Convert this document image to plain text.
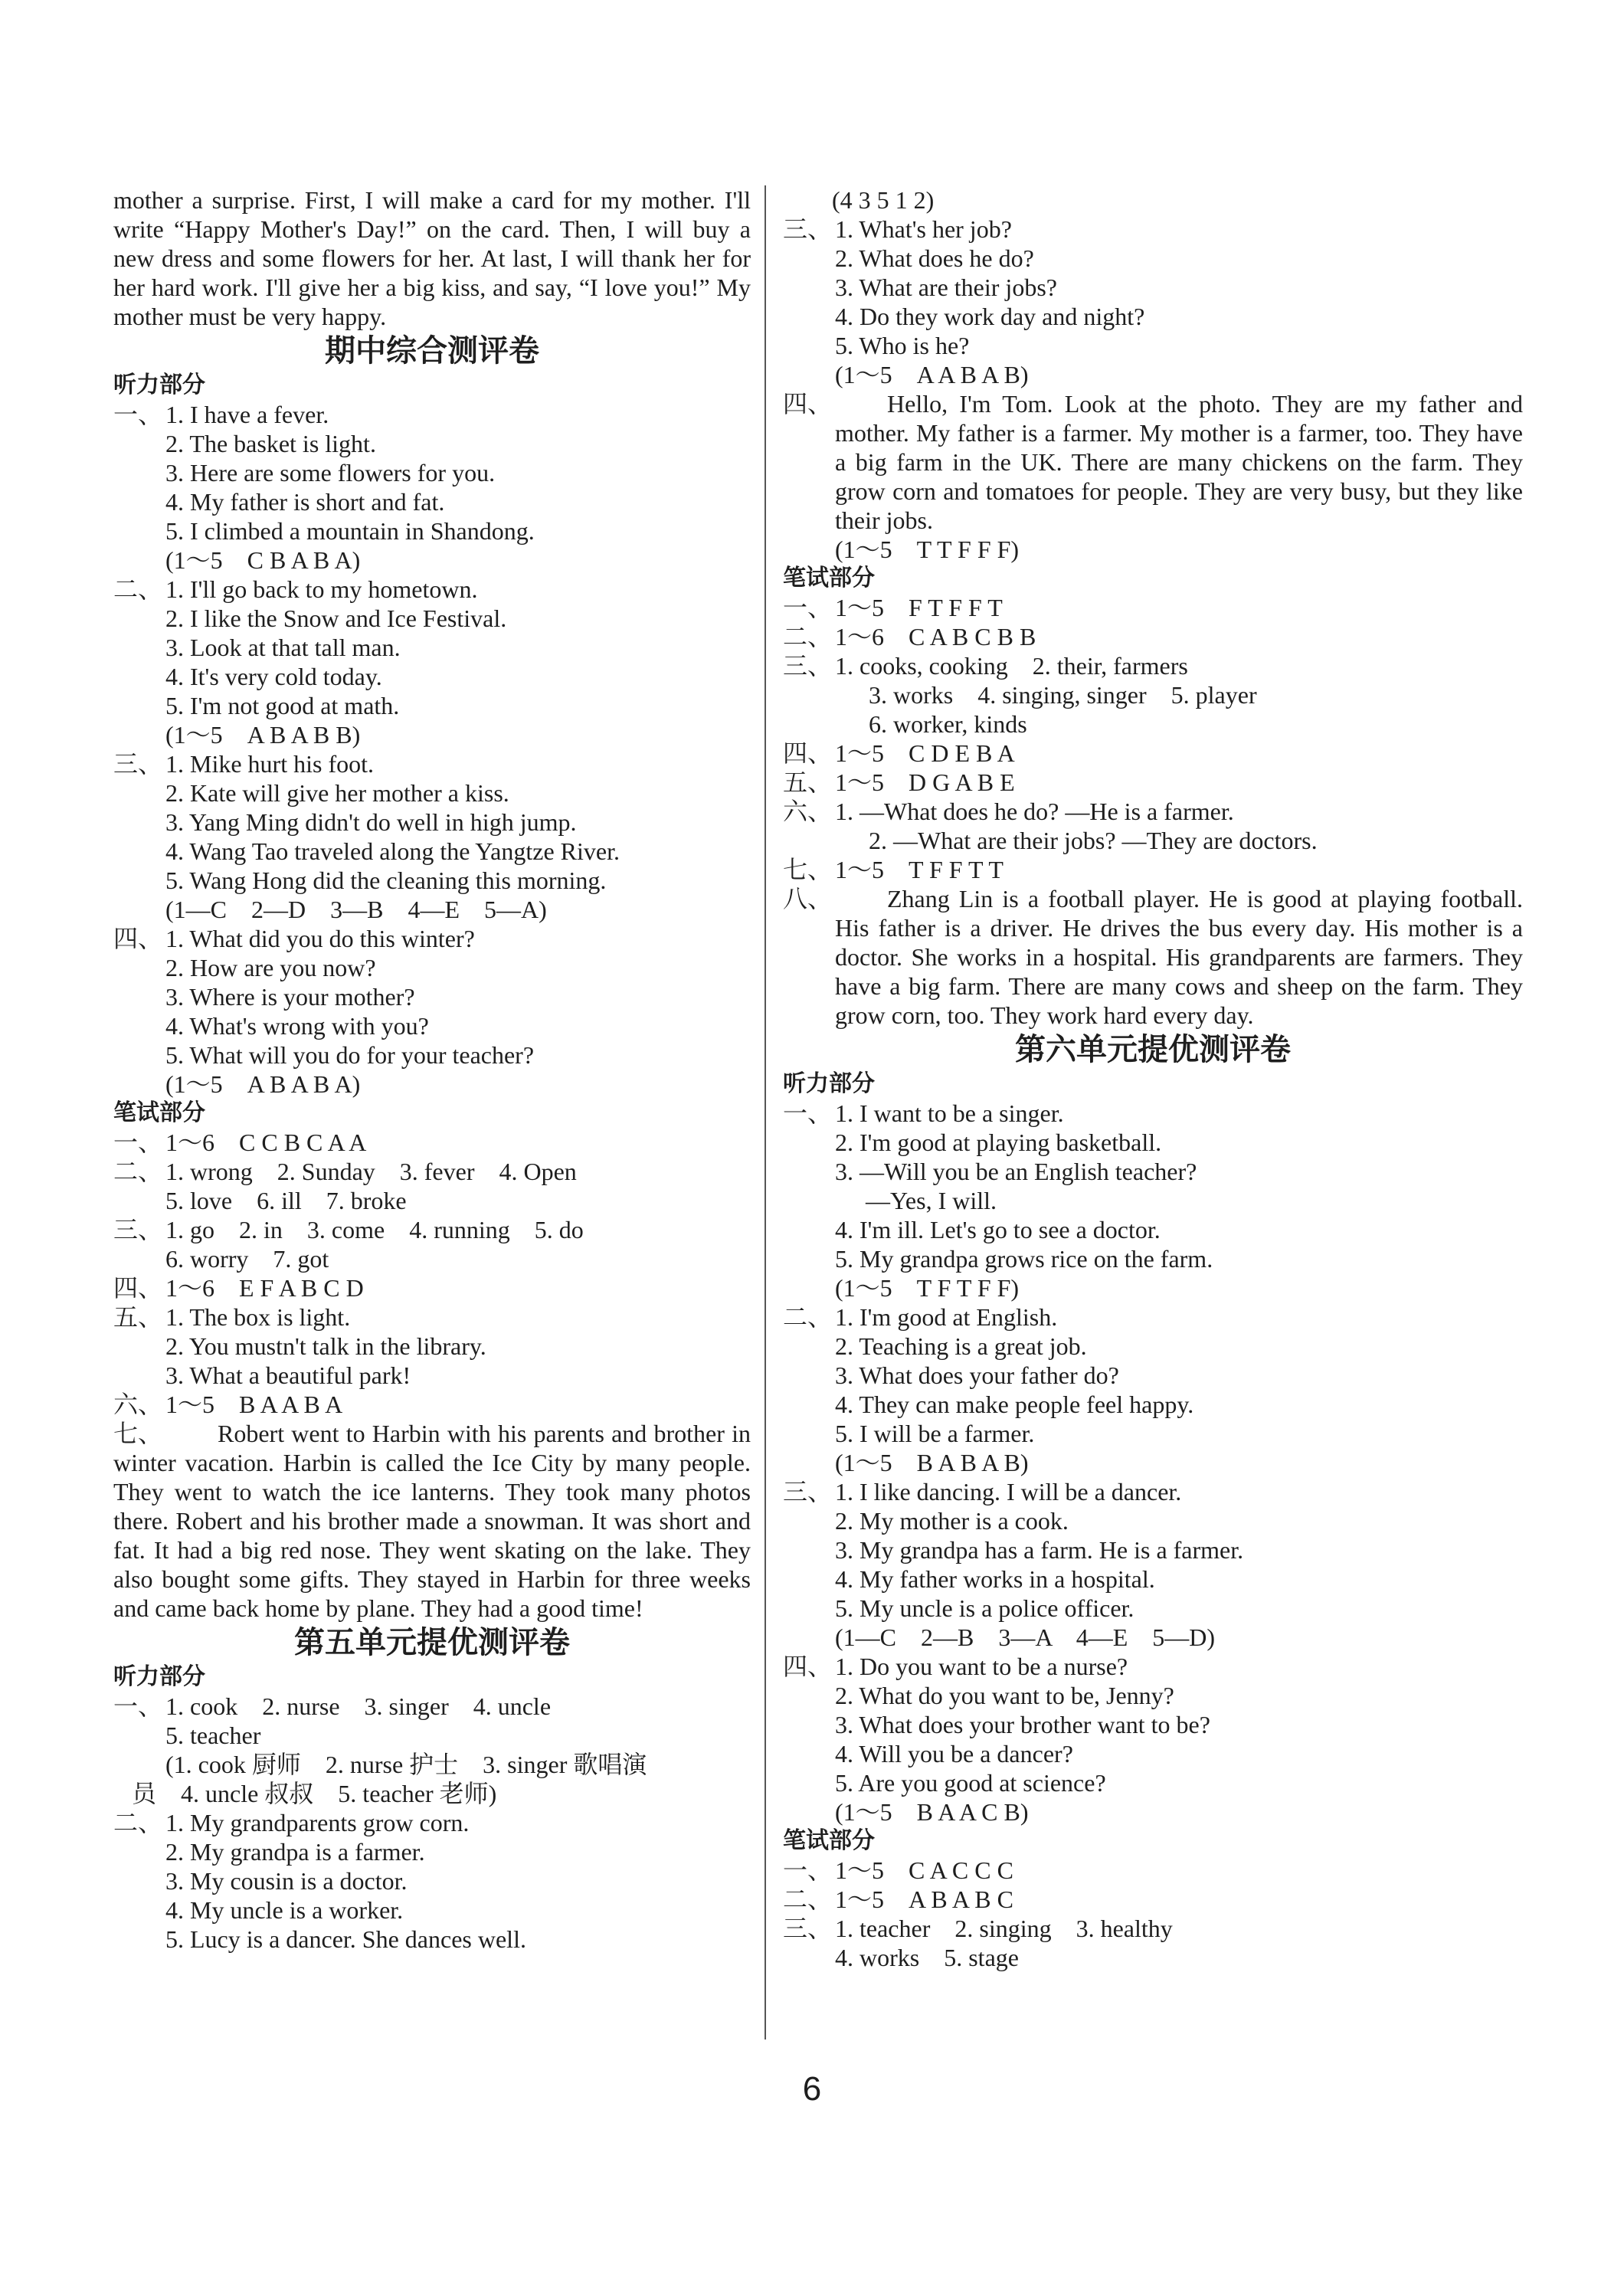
mother a surprise. First, I will make a card for my mother. I'll write “Happy Mother's Day!” on the card. Then, I will buy a new dress and some flowers for her. At last, I will thank her for her hard work. I'll give her a big kiss, and say, “I love you!” My mother must be very happy.
期中综合测评卷
听力部分
一、 1. I have a fever.
2. The basket is light.
3. Here are some flowers for you.
4. My father is short and fat.
5. I climbed a mountain in Shandong.
(1～5　C B A B A)
二、 1. I'll go back to my hometown.
2. I like the Snow and Ice Festival.
3. Look at that tall man.
4. It's very cold today.
5. I'm not good at math.
(1～5　A B A B B)
三、 1. Mike hurt his foot.
2. Kate will give her mother a kiss.
3. Yang Ming didn't do well in high jump.
4. Wang Tao traveled along the Yangtze River.
5. Wang Hong did the cleaning this morning.
(1—C　2—D　3—B　4—E　5—A)
四、 1. What did you do this winter?
2. How are you now?
3. Where is your mother?
4. What's wrong with you?
5. What will you do for your teacher?
(1～5　A B A B A)
笔试部分
一、 1～6　C C B C A A
二、 1. wrong　2. Sunday　3. fever　4. Open
5. love　6. ill　7. broke
三、 1. go　2. in　3. come　4. running　5. do
6. worry　7. got
四、 1～6　E F A B C D
五、 1. The box is light.
2. You mustn't talk in the library.
3. What a beautiful park!
六、 1～5　B A A B A
七、	Robert went to Harbin with his parents and brother in winter vacation. Harbin is called the Ice City by many people. They went to watch the ice lanterns. They took many photos there. Robert and his brother made a snowman. It was short and fat. It had a big red nose. They went skating on the lake. They also bought some gifts. They stayed in Harbin for three weeks and came back home by plane. They had a good time!
第五单元提优测评卷
听力部分
一、 1. cook　2. nurse　3. singer　4. uncle
5. teacher
(1. cook 厨师　2. nurse 护士　3. singer 歌唱演
员　4. uncle 叔叔　5. teacher 老师)
二、 1. My grandparents grow corn.
2. My grandpa is a farmer.
3. My cousin is a doctor.
4. My uncle is a worker.
5. Lucy is a dancer. She dances well.
(4 3 5 1 2)
三、 1. What's her job?
2. What does he do?
3. What are their jobs?
4. Do they work day and night?
5. Who is he?
(1～5　A A B A B)
四、	Hello, I'm Tom. Look at the photo. They are my father and mother. My father is a farmer. My mother is a farmer, too. They have a big farm in the UK. There are many chickens on the farm. They grow corn and tomatoes for people. They are very busy, but they like their jobs.
(1～5　T T F F F)
笔试部分
一、 1～5　F T F F T
二、 1～6　C A B C B B
三、 1. cooks, cooking　2. their, farmers
3. works　4. singing, singer　5. player
6. worker, kinds
四、 1～5　C D E B A
五、 1～5　D G A B E
六、 1. —What does he do? —He is a farmer.
2. —What are their jobs? —They are doctors.
七、 1～5　T F F T T
八、	Zhang Lin is a football player. He is good at playing football. His father is a driver. He drives the bus every day. His mother is a doctor. She works in a hospital. His grandparents are farmers. They have a big farm. There are many cows and sheep on the farm. They grow corn, too. They work hard every day.
第六单元提优测评卷
听力部分
一、 1. I want to be a singer.
2. I'm good at playing basketball.
3. —Will you be an English teacher?
—Yes, I will.
4. I'm ill. Let's go to see a doctor.
5. My grandpa grows rice on the farm.
(1～5　T F T F F)
二、 1. I'm good at English.
2. Teaching is a great job.
3. What does your father do?
4. They can make people feel happy.
5. I will be a farmer.
(1～5　B A B A B)
三、 1. I like dancing. I will be a dancer.
2. My mother is a cook.
3. My grandpa has a farm. He is a farmer.
4. My father works in a hospital.
5. My uncle is a police officer.
(1—C　2—B　3—A　4—E　5—D)
四、 1. Do you want to be a nurse?
2. What do you want to be, Jenny?
3. What does your brother want to be?
4. Will you be a dancer?
5. Are you good at science?
(1～5　B A A C B)
笔试部分
一、 1～5　C A C C C
二、 1～5　A B A B C
三、 1. teacher　2. singing　3. healthy
4. works　5. stage
6
